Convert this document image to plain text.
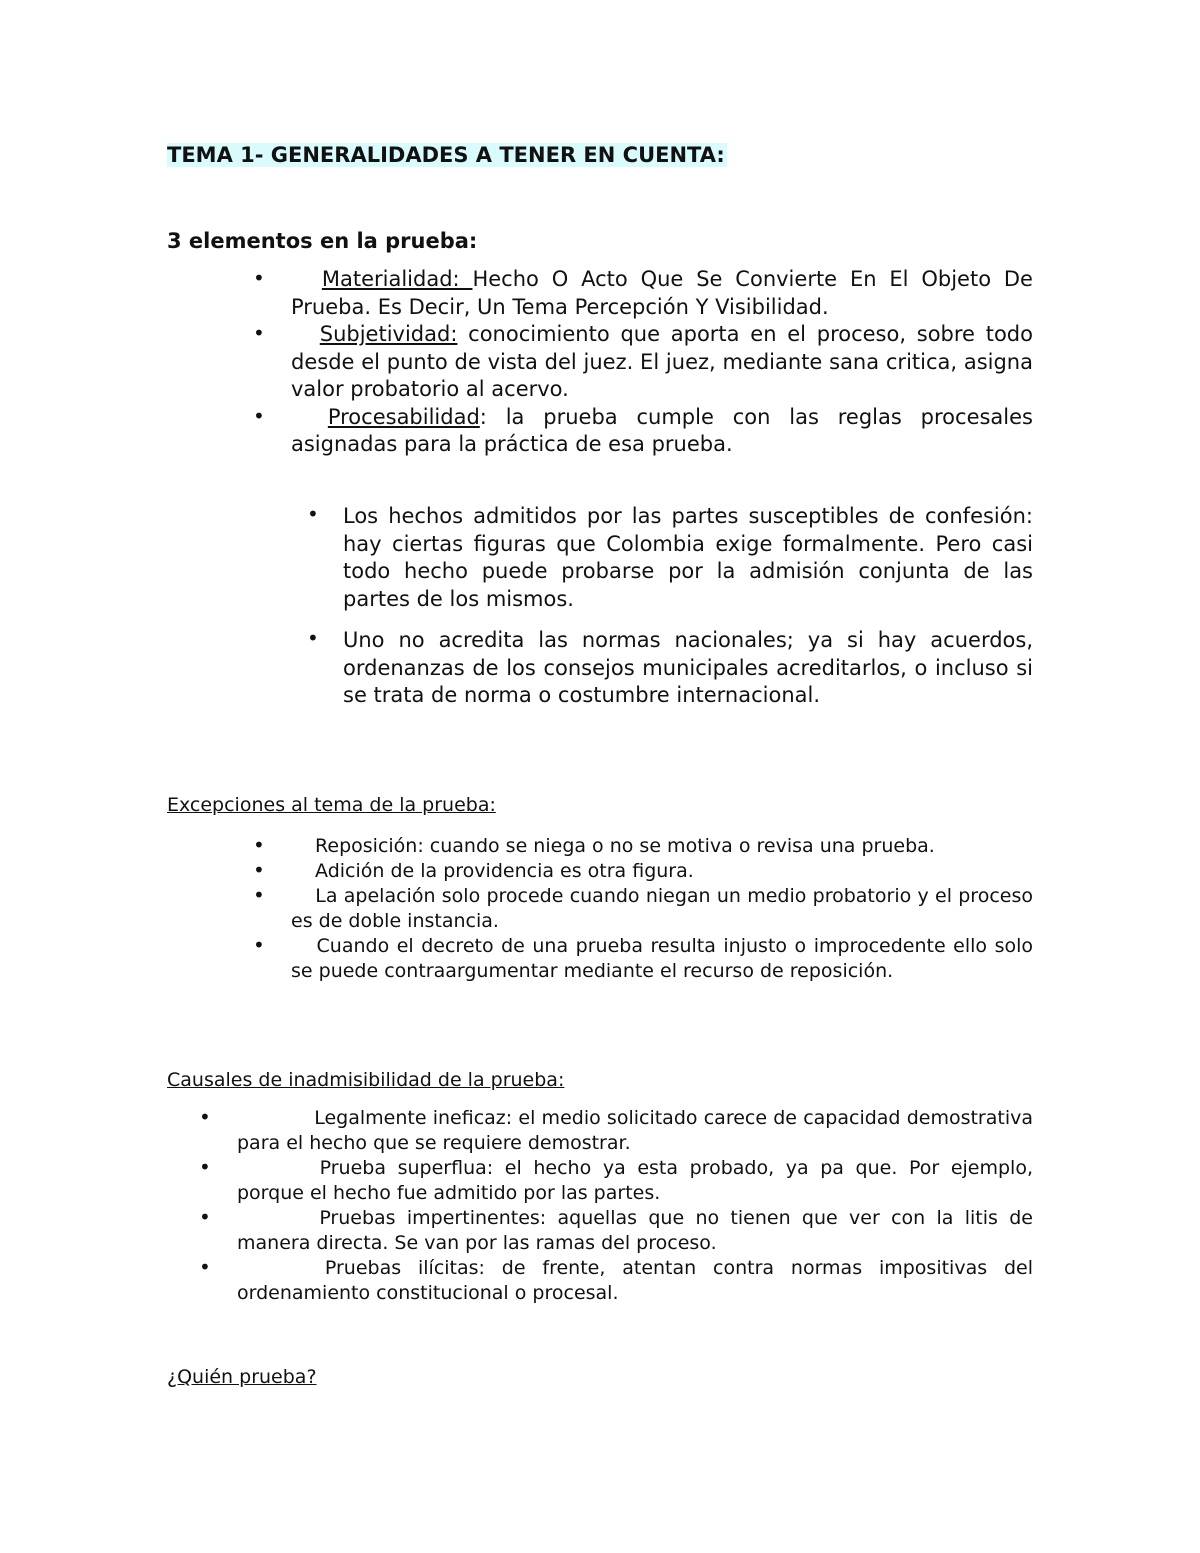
TEMA 1- GENERALIDADES A TENER EN CUENTA:
3 elementos en la prueba:
•	Materialidad: Hecho O Acto Que Se Convierte En El Objeto De Prueba. Es Decir, Un Tema Percepción Y Visibilidad.
•	Subjetividad: conocimiento que aporta en el proceso, sobre todo desde el punto de vista del juez. El juez, mediante sana critica, asigna valor probatorio al acervo.
•	Procesabilidad: la prueba cumple con las reglas procesales asignadas para la práctica de esa prueba.
• Los hechos admitidos por las partes susceptibles de confesión: hay ciertas figuras que Colombia exige formalmente. Pero casi todo hecho puede probarse por la admisión conjunta de las partes de los mismos.
• Uno no acredita las normas nacionales; ya si hay acuerdos, ordenanzas de los consejos municipales acreditarlos, o incluso si se trata de norma o costumbre internacional.
Excepciones al tema de la prueba:
•	Reposición: cuando se niega o no se motiva o revisa una prueba.
•	Adición de la providencia es otra figura.
•	La apelación solo procede cuando niegan un medio probatorio y el proceso es de doble instancia.
•	Cuando el decreto de una prueba resulta injusto o improcedente ello solo se puede contraargumentar mediante el recurso de reposición.
Causales de inadmisibilidad de la prueba:
•	Legalmente ineficaz: el medio solicitado carece de capacidad demostrativa para el hecho que se requiere demostrar.
•	Prueba superflua: el hecho ya esta probado, ya pa que. Por ejemplo, porque el hecho fue admitido por las partes.
•	Pruebas impertinentes: aquellas que no tienen que ver con la litis de manera directa. Se van por las ramas del proceso.
•	Pruebas ilícitas: de frente, atentan contra normas impositivas del ordenamiento constitucional o procesal.
¿Quién prueba?
